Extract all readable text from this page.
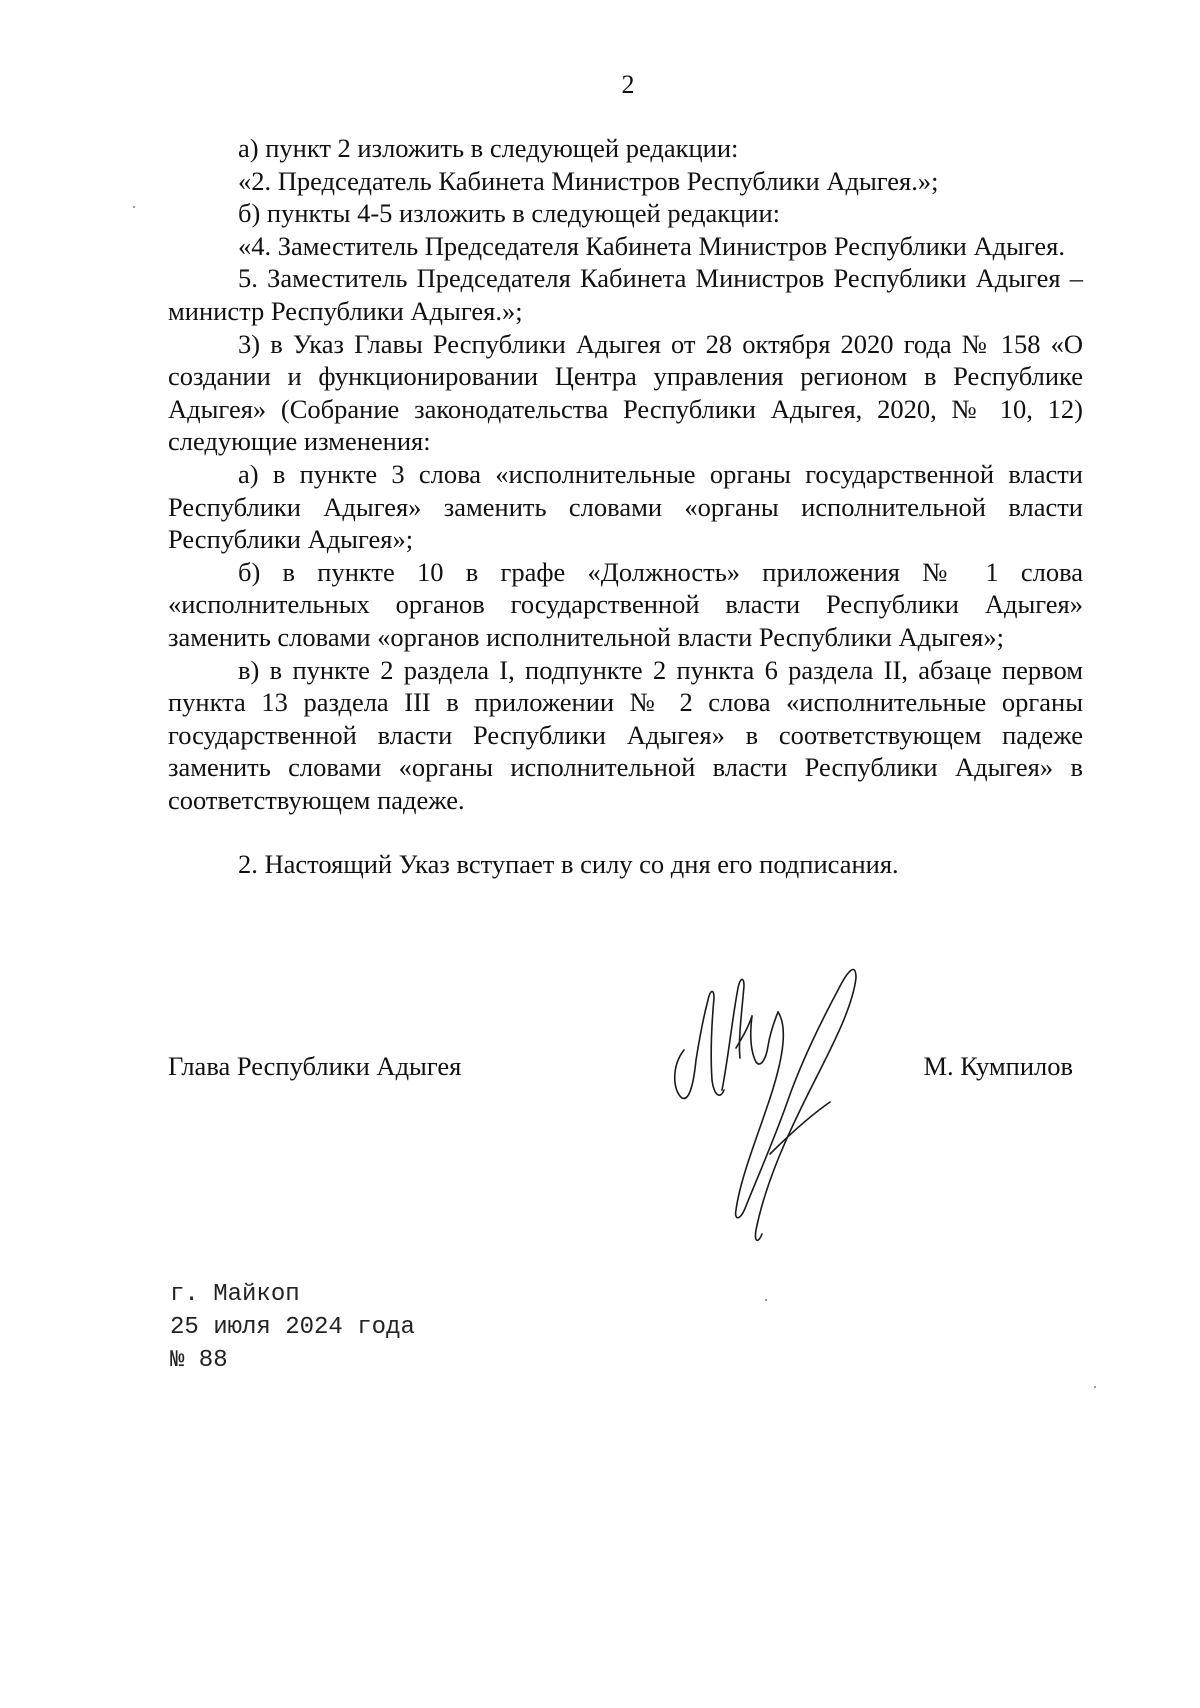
2

а) пункт 2 изложить в следующей редакции:

«2. Председатель Кабинета Министров Республики Адыгея.»;

б) пункты 4-5 изложить в следующей редакции:

«4. Заместитель Председателя Кабинета Министров Республики Адыгея.

5. Заместитель Председателя Кабинета Министров Республики Адыгея – министр Республики Адыгея.»;

3) в Указ Главы Республики Адыгея от 28 октября 2020 года № 158 «О создании и функционировании Центра управления регионом в Республике Адыгея» (Собрание законодательства Республики Адыгея, 2020, № 10, 12) следующие изменения:

а) в пункте 3 слова «исполнительные органы государственной власти Республики Адыгея» заменить словами «органы исполнительной власти Республики Адыгея»;

б) в пункте 10 в графе «Должность» приложения № 1 слова «исполнительных органов государственной власти Республики Адыгея» заменить словами «органов исполнительной власти Республики Адыгея»;

в) в пункте 2 раздела I, подпункте 2 пункта 6 раздела II, абзаце первом пункта 13 раздела III в приложении № 2 слова «исполнительные органы государственной власти Республики Адыгея» в соответствующем падеже заменить словами «органы исполнительной власти Республики Адыгея» в соответствующем падеже.

2. Настоящий Указ вступает в силу со дня его подписания.

Глава Республики Адыгея	М. Кумпилов
г. Майкоп
25 июля 2024 года
№ 88
